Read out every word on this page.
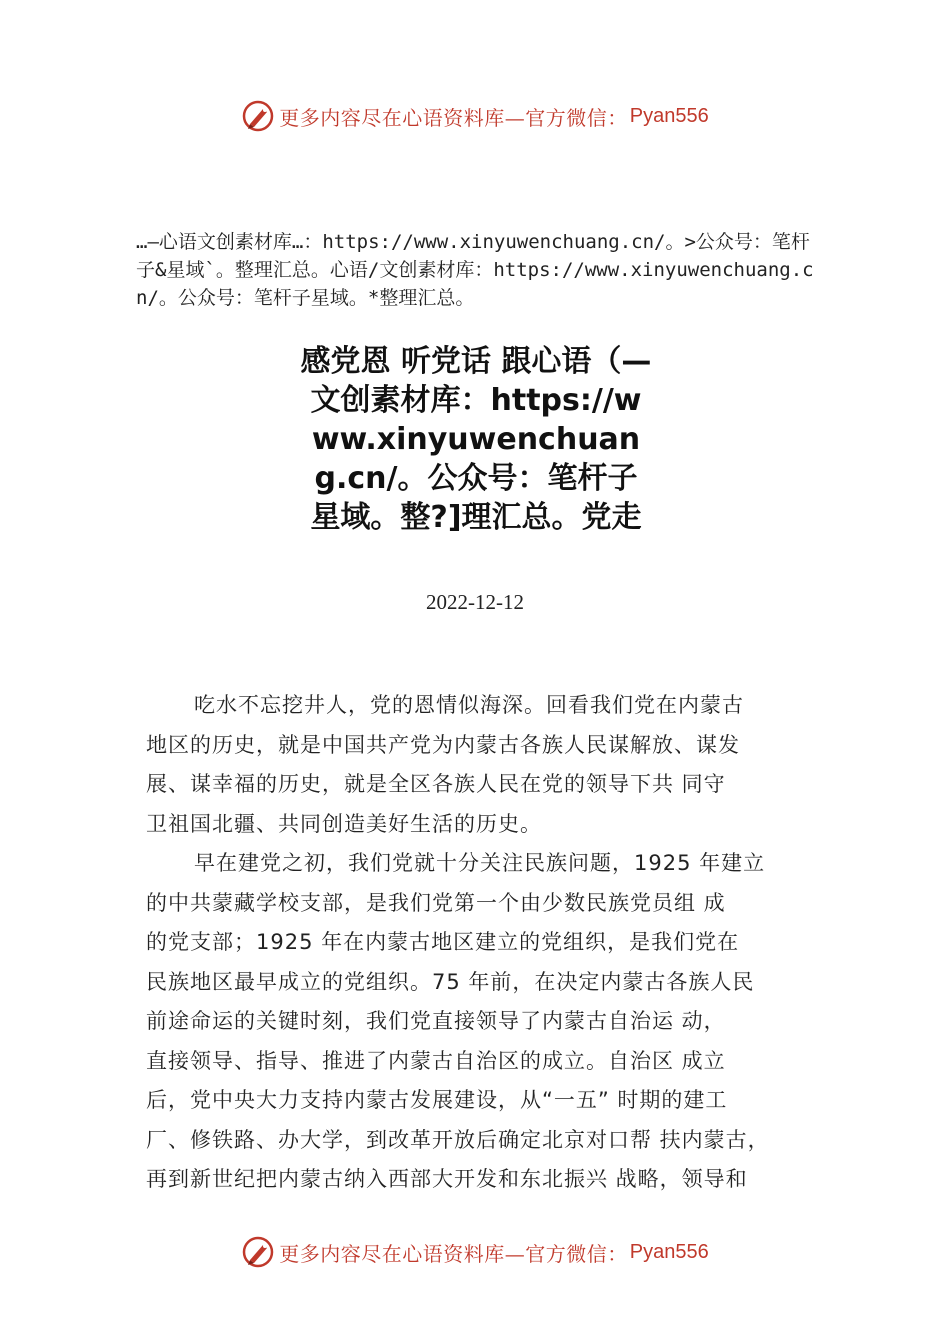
更多内容尽在心语资料库—官方微信： Pyan556

…—心语文创素材库…：https://www.xinyuwenchuang.cn/。>公众号：笔杆子&星域`。整理汇总。心语/文创素材库：https://www.xinyuwenchuang.cn/。公众号：笔杆子星域。*整理汇总。

感党恩 听党话 跟心语（—文创素材库：https://www.xinyuwenchuang.cn/。公众号：笔杆子星域。整?]理汇总。党走

2022-12-12

吃水不忘挖井人，党的恩情似海深。回看我们党在内蒙古

地区的历史，就是中国共产党为内蒙古各族人民谋解放、谋发

展、谋幸福的历史，就是全区各族人民在党的领导下共 同守

卫祖国北疆、共同创造美好生活的历史。

早在建党之初，我们党就十分关注民族问题，1925 年建立

的中共蒙藏学校支部，是我们党第一个由少数民族党员组 成

的党支部；1925 年在内蒙古地区建立的党组织，是我们党在

民族地区最早成立的党组织。75 年前，在决定内蒙古各族人民

前途命运的关键时刻，我们党直接领导了内蒙古自治运 动，

直接领导、指导、推进了内蒙古自治区的成立。自治区 成立

后，党中央大力支持内蒙古发展建设，从“一五” 时期的建工

厂、修铁路、办大学，到改革开放后确定北京对口帮 扶内蒙古，

再到新世纪把内蒙古纳入西部大开发和东北振兴 战略，领导和

更多内容尽在心语资料库—官方微信： Pyan556
